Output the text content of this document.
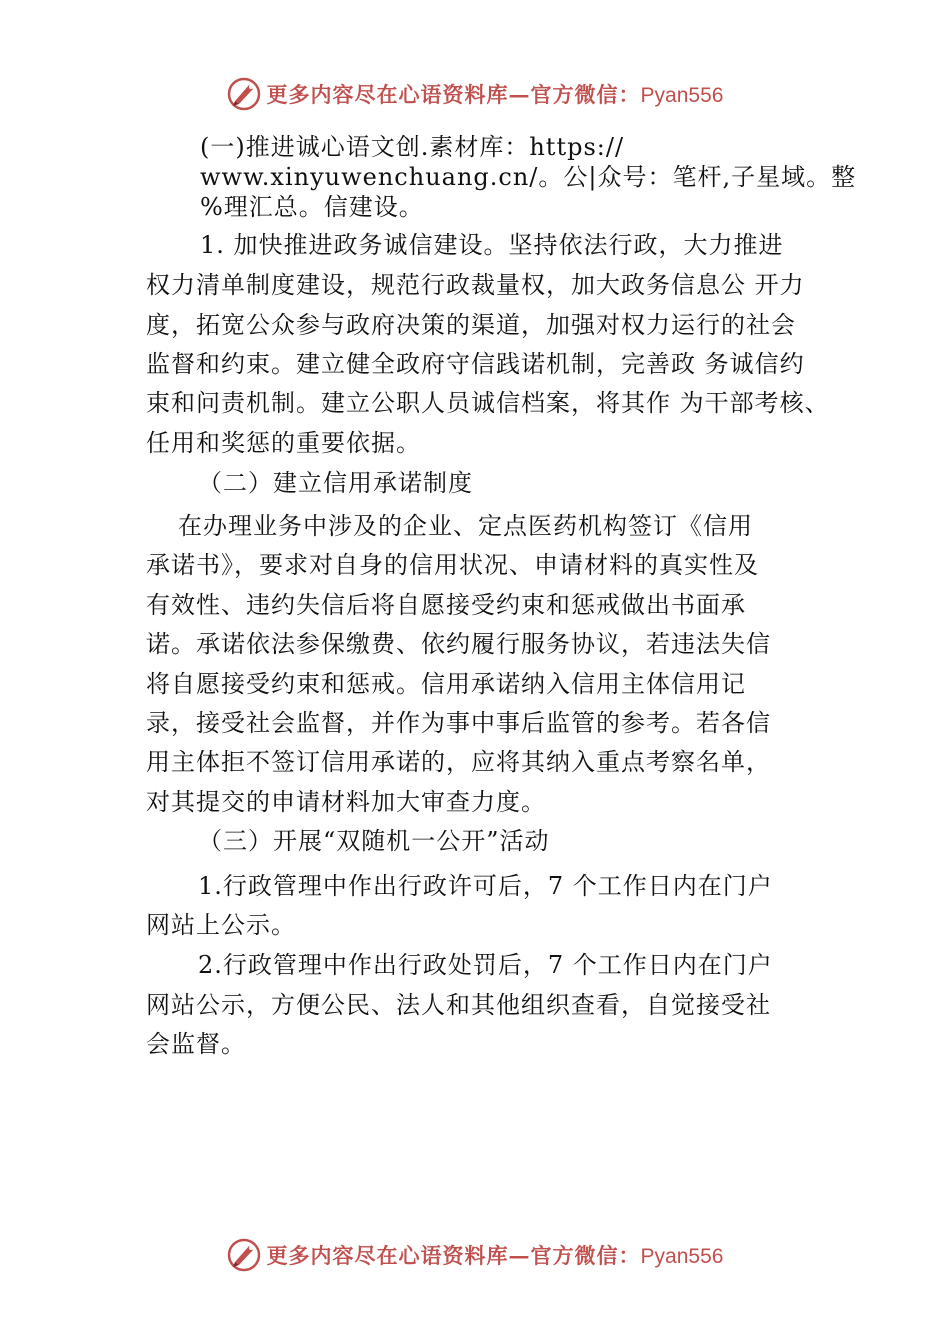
更多内容尽在心语资料库—官方微信：Pyan556
(一)推进诚心语文创.素材库：https://
www.xinyuwenchuang.cn/。公|众号：笔杆,子星域。整
%理汇总。信建设。
1. 加快推进政务诚信建设。坚持依法行政，大力推进
权力清单制度建设，规范行政裁量权，加大政务信息公 开力
度，拓宽公众参与政府决策的渠道，加强对权力运行的社会
监督和约束。建立健全政府守信践诺机制，完善政 务诚信约
束和问责机制。建立公职人员诚信档案，将其作 为干部考核、
任用和奖惩的重要依据。
（二）建立信用承诺制度
在办理业务中涉及的企业、定点医药机构签订《信用
承诺书》，要求对自身的信用状况、申请材料的真实性及
有效性、违约失信后将自愿接受约束和惩戒做出书面承
诺。承诺依法参保缴费、依约履行服务协议，若违法失信
将自愿接受约束和惩戒。信用承诺纳入信用主体信用记
录，接受社会监督，并作为事中事后监管的参考。若各信
用主体拒不签订信用承诺的，应将其纳入重点考察名单，
对其提交的申请材料加大审查力度。
（三）开展“双随机一公开”活动
1.行政管理中作出行政许可后，7 个工作日内在门户
网站上公示。
2.行政管理中作出行政处罚后，7 个工作日内在门户
网站公示，方便公民、法人和其他组织查看，自觉接受社
会监督。
更多内容尽在心语资料库—官方微信：Pyan556
